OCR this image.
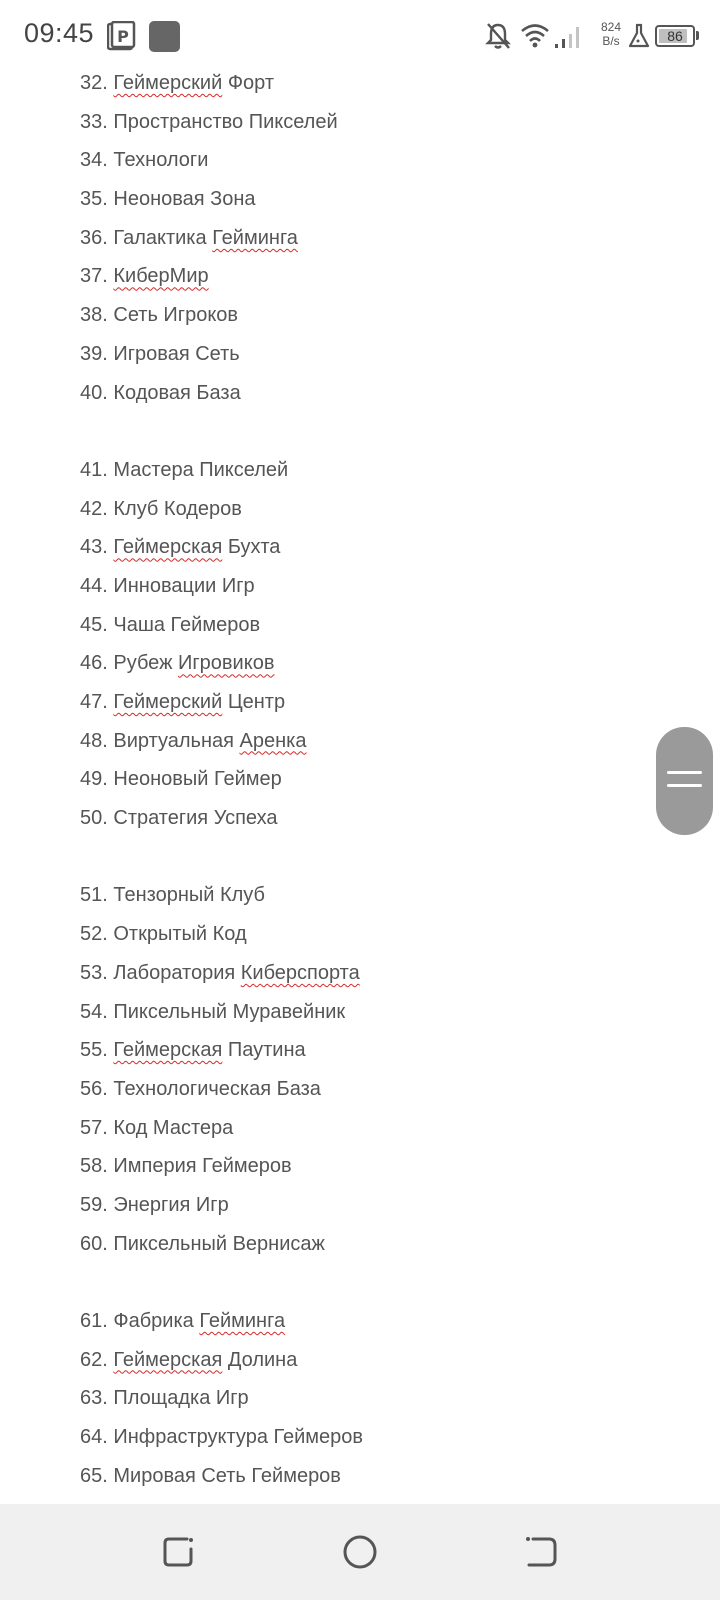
09:45 P	824
B/s	86
32. Геймерский Форт
33. Пространство Пикселей
34. Технологи
35. Неоновая Зона
36. Галактика Гейминга
37. КиберМир
38. Сеть Игроков
39. Игровая Сеть
40. Кодовая База
41. Мастера Пикселей
42. Клуб Кодеров
43. Геймерская Бухта
44. Инновации Игр
45. Чаша Геймеров
46. Рубеж Игровиков
47. Геймерский Центр
48. Виртуальная Аренка
49. Неоновый Геймер
50. Стратегия Успеха
51. Тензорный Клуб
52. Открытый Код
53. Лаборатория Киберспорта
54. Пиксельный Муравейник
55. Геймерская Паутина
56. Технологическая База
57. Код Мастера
58. Империя Геймеров
59. Энергия Игр
60. Пиксельный Вернисаж
61. Фабрика Гейминга
62. Геймерская Долина
63. Площадка Игр
64. Инфраструктура Геймеров
65. Мировая Сеть Геймеров
